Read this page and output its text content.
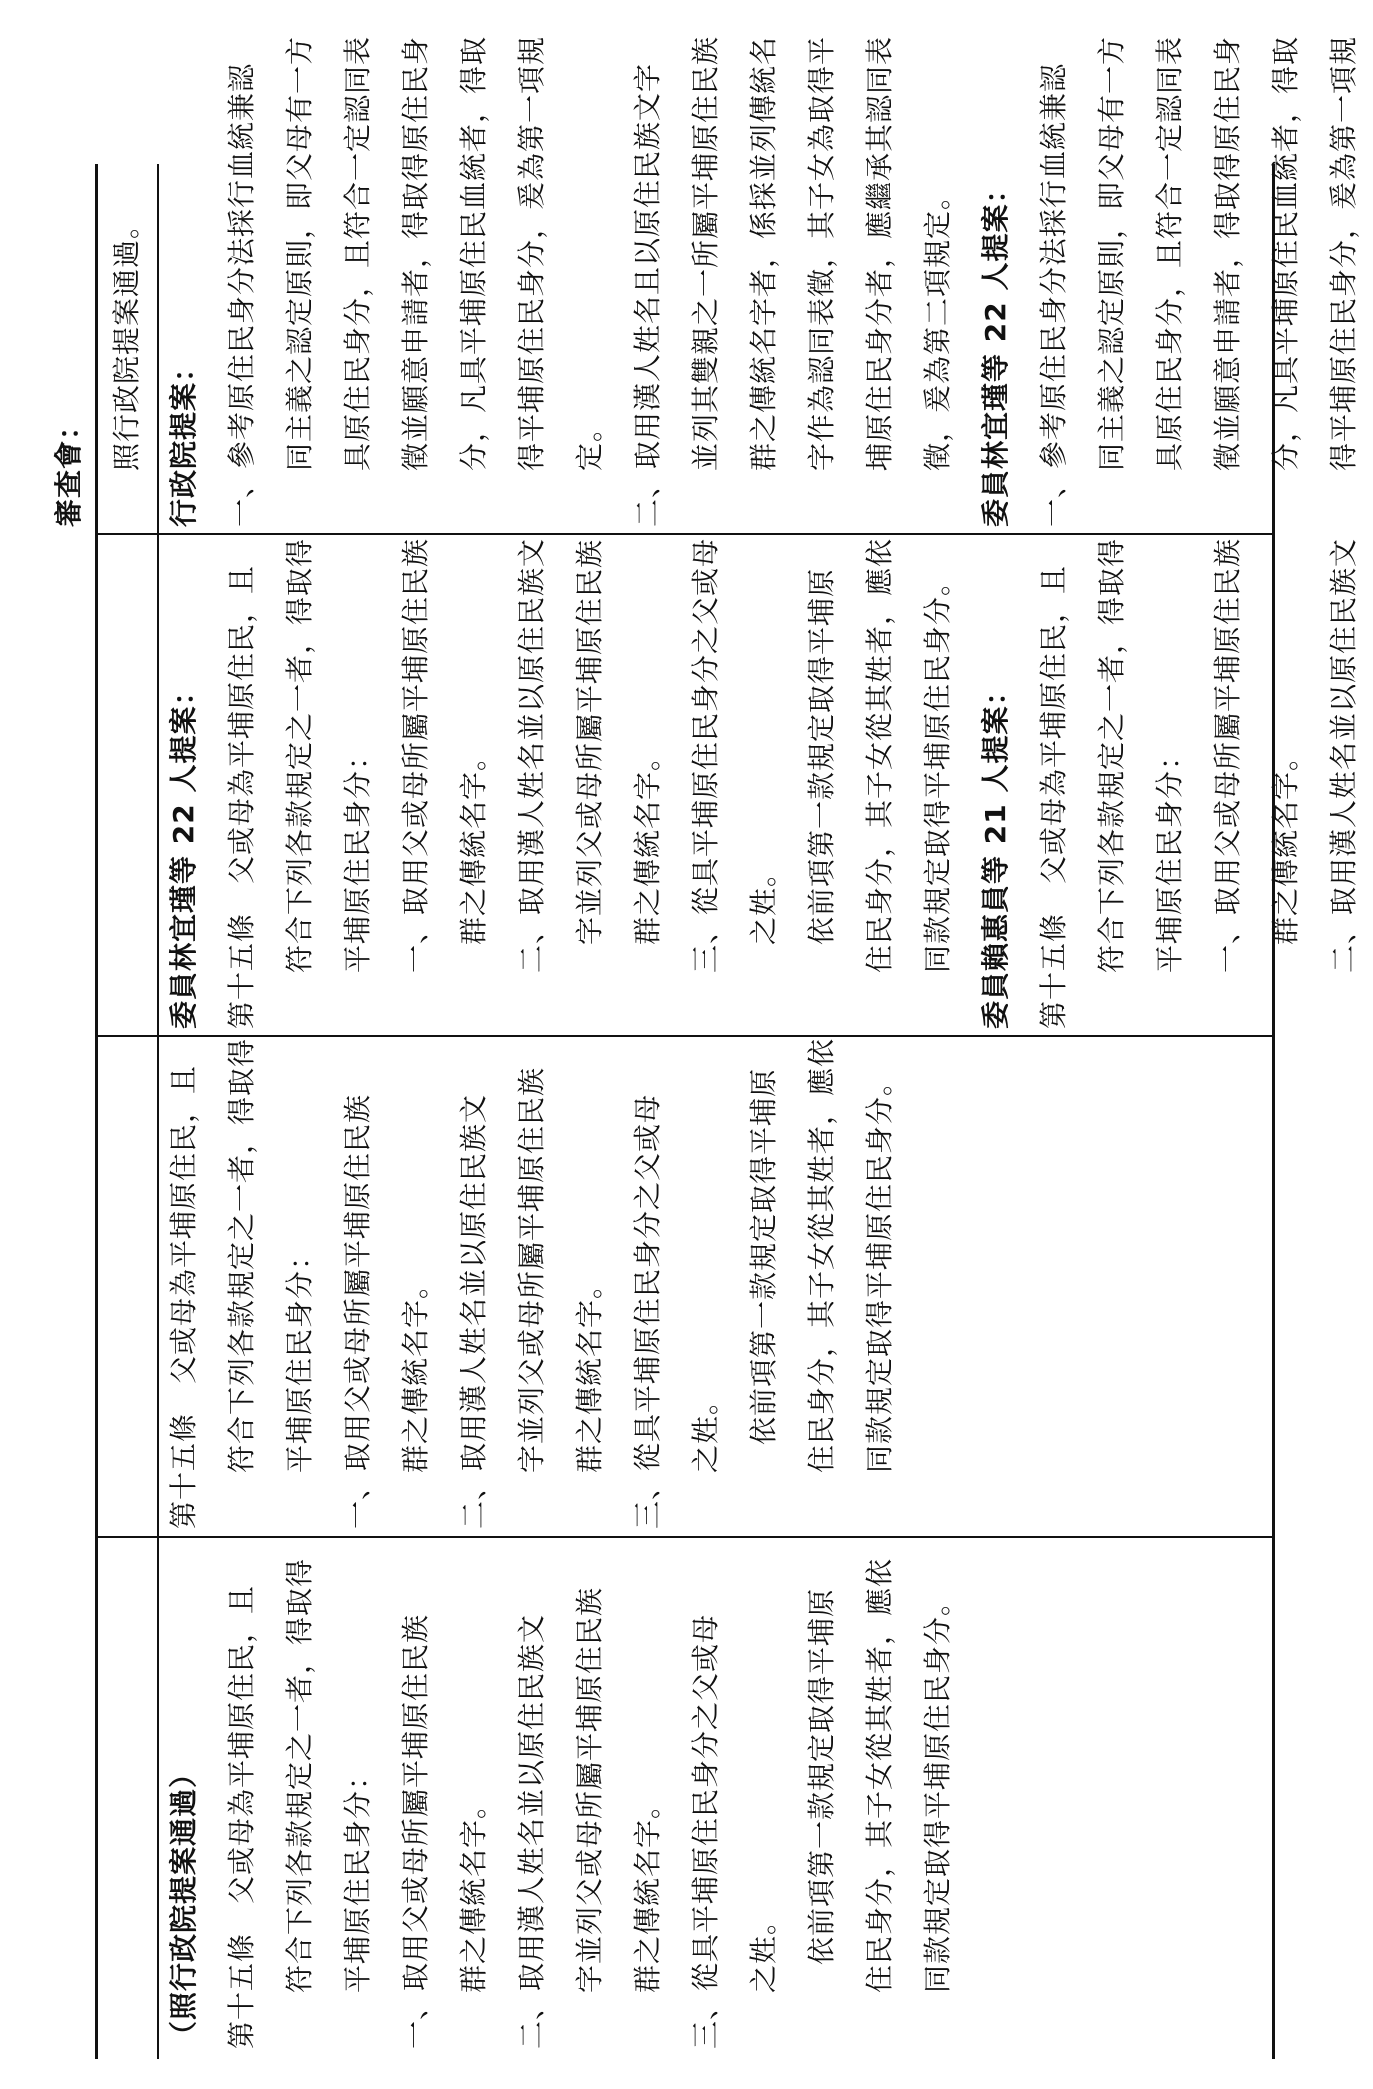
（照行政院提案通過） 第十五條　父或母為平埔原住民，且 符合下列各款規定之一者，得取得 平埔原住民身分： 一、取用父或母所屬平埔原住民族 群之傳統名字。 二、取用漢人姓名並以原住民族文 字並列父或母所屬平埔原住民族 群之傳統名字。 三、從具平埔原住民身分之父或母 之姓。 依前項第一款規定取得平埔原 住民身分，其子女從其姓者，應依 同款規定取得平埔原住民身分。

第十五條　父或母為平埔原住民，且 符合下列各款規定之一者，得取得 平埔原住民身分： 一、取用父或母所屬平埔原住民族 群之傳統名字。 二、取用漢人姓名並以原住民族文 字並列父或母所屬平埔原住民族 群之傳統名字。 三、從具平埔原住民身分之父或母 之姓。 依前項第一款規定取得平埔原 住民身分，其子女從其姓者，應依 同款規定取得平埔原住民身分。

委員林宜瑾等 22 人提案： 第十五條　父或母為平埔原住民，且 符合下列各款規定之一者，得取得 平埔原住民身分： 一、取用父或母所屬平埔原住民族 群之傳統名字。 二、取用漢人姓名並以原住民族文 字並列父或母所屬平埔原住民族 群之傳統名字。 三、從具平埔原住民身分之父或母 之姓。 依前項第一款規定取得平埔原 住民身分，其子女從其姓者，應依 同款規定取得平埔原住民身分。 委員賴惠員等 21 人提案： 第十五條　父或母為平埔原住民，且 符合下列各款規定之一者，得取得 平埔原住民身分： 一、取用父或母所屬平埔原住民族 群之傳統名字。 二、取用漢人姓名並以原住民族文

審查會： 照行政院提案通過。 行政院提案： 一、參考原住民身分法採行血統兼認 同主義之認定原則，即父母有一方 具原住民身分，且符合一定認同表 徵並願意申請者，得取得原住民身 分，凡具平埔原住民血統者，得取 得平埔原住民身分，爰為第一項規 定。 二、取用漢人姓名且以原住民族文字 並列其雙親之一所屬平埔原住民族 群之傳統名字者，係採並列傳統名 字作為認同表徵，其子女為取得平 埔原住民身分者，應繼承其認同表 徵，爰為第二項規定。 委員林宜瑾等 22 人提案： 一、參考原住民身分法採行血統兼認 同主義之認定原則，即父母有一方 具原住民身分，且符合一定認同表 徵並願意申請者，得取得原住民身 分，凡具平埔原住民血統者，得取 得平埔原住民身分，爰為第一項規
